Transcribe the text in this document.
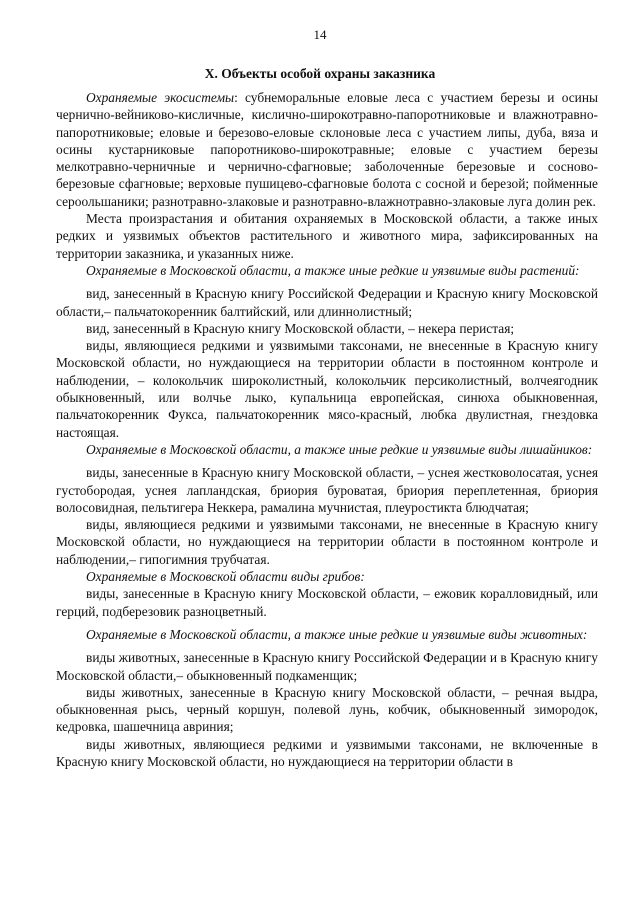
14
X. Объекты особой охраны заказника

Охраняемые экосистемы: субнеморальные еловые леса с участием березы и осины чернично-вейниково-кисличные, кислично-широкотравно-папоротниковые и влажнотравно-папоротниковые; еловые и березово-еловые склоновые леса с участием липы, дуба, вяза и осины кустарниковые папоротниково-широкотравные; еловые с участием березы мелкотравно-черничные и чернично-сфагновые; заболоченные березовые и сосново-березовые сфагновые; верховые пушицево-сфагновые болота с сосной и березой; пойменные сероольшаники; разнотравно-злаковые и разнотравно-влажнотравно-злаковые луга долин рек.

Места произрастания и обитания охраняемых в Московской области, а также иных редких и уязвимых объектов растительного и животного мира, зафиксированных на территории заказника, и указанных ниже.

Охраняемые в Московской области, а также иные редкие и уязвимые виды растений:

вид, занесенный в Красную книгу Российской Федерации и Красную книгу Московской области,– пальчатокоренник балтийский, или длиннолистный;

вид, занесенный в Красную книгу Московской области, – некера перистая;

виды, являющиеся редкими и уязвимыми таксонами, не внесенные в Красную книгу Московской области, но нуждающиеся на территории области в постоянном контроле и наблюдении, – колокольчик широколистный, колокольчик персиколистный, волчеягодник обыкновенный, или волчье лыко, купальница европейская, синюха обыкновенная, пальчатокоренник Фукса, пальчатокоренник мясо-красный, любка двулистная, гнездовка настоящая.

Охраняемые в Московской области, а также иные редкие и уязвимые виды лишайников:

виды, занесенные в Красную книгу Московской области, – уснея жестковолосатая, уснея густобородая, уснея лапландская, бриория буроватая, бриория переплетенная, бриория волосовидная, пельтигера Неккера, рамалина мучнистая, плеуростикта блюдчатая;

виды, являющиеся редкими и уязвимыми таксонами, не внесенные в Красную книгу Московской области, но нуждающиеся на территории области в постоянном контроле и наблюдении,– гипогимния трубчатая.

Охраняемые в Московской области виды грибов:

виды, занесенные в Красную книгу Московской области, – ежовик коралловидный, или герций, подберезовик разноцветный.

Охраняемые в Московской области, а также иные редкие и уязвимые виды животных:

виды животных, занесенные в Красную книгу Российской Федерации и в Красную книгу Московской области,– обыкновенный подкаменщик;

виды животных, занесенные в Красную книгу Московской области, – речная выдра, обыкновенная рысь, черный коршун, полевой лунь, кобчик, обыкновенный зимородок, кедровка, шашечница авриния;

виды животных, являющиеся редкими и уязвимыми таксонами, не включенные в Красную книгу Московской области, но нуждающиеся на территории области в
